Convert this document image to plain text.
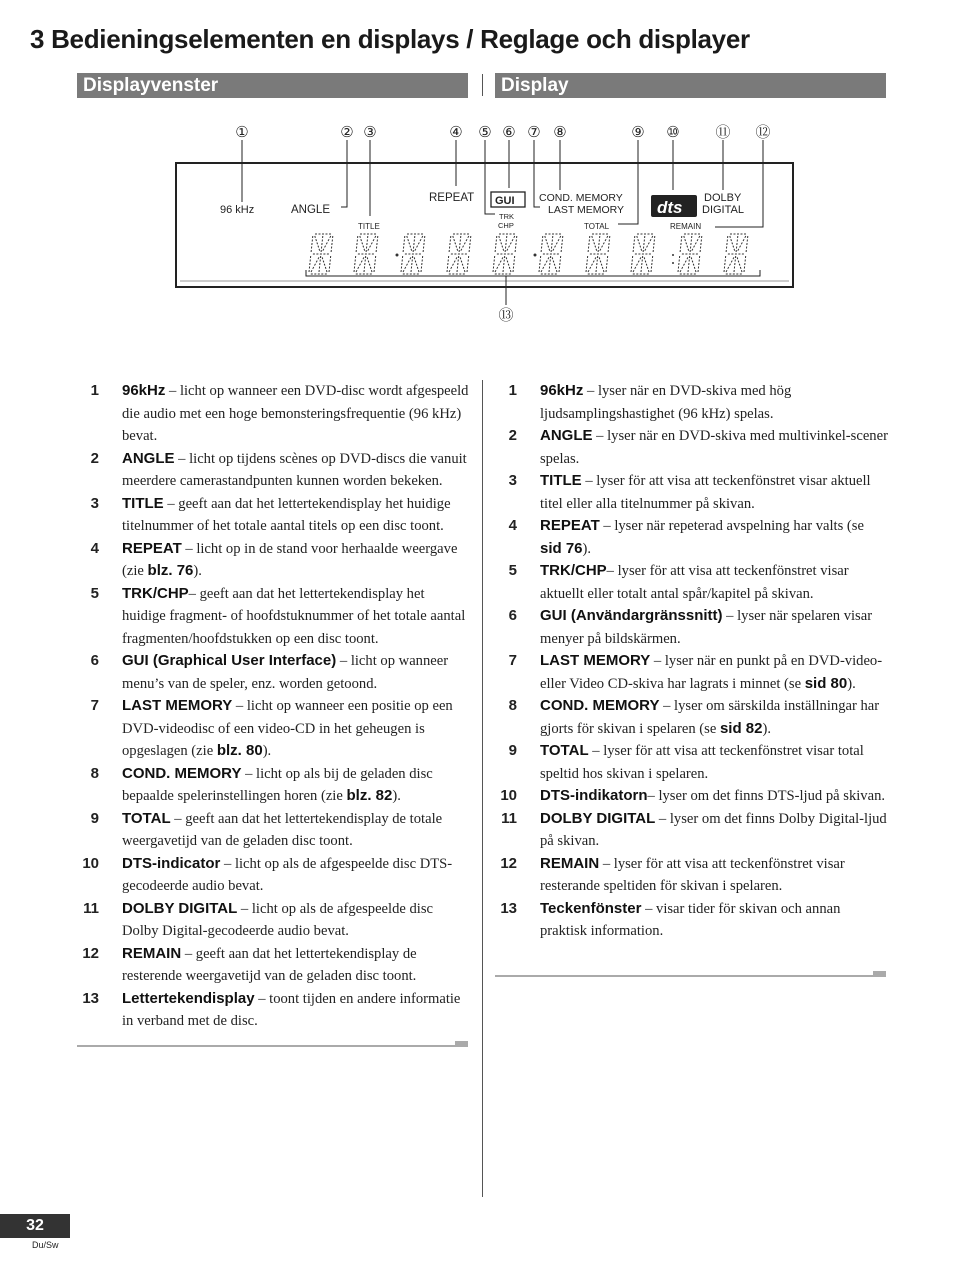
3 Bedieningselementen en displays / Reglage och displayer
Displayvenster	Display
①	② ③	④ ⑤ ⑥ ⑦ ⑧	⑨ ⑩ ⑪ ⑫
⑬
96 kHz	ANGLE
TITLE
REPEAT GUI
TRK
CHP
COND. MEMORY
LAST MEMORY
TOTAL
dts DOLBY
DIGITAL
REMAIN
1 96kHz – licht op wanneer een DVD-disc wordt afgespeeld die audio met een hoge bemonsteringsfrequentie (96 kHz) bevat.
2 ANGLE – licht op tijdens scènes op DVD-discs die vanuit meerdere camerastandpunten kunnen worden bekeken.
3 TITLE – geeft aan dat het lettertekendisplay het huidige titelnummer of het totale aantal titels op een disc toont.
4 REPEAT – licht op in de stand voor herhaalde weergave (zie blz. 76).
5 TRK/CHP– geeft aan dat het lettertekendisplay het huidige fragment- of hoofdstuknummer of het totale aantal fragmenten/hoofdstukken op een disc toont.
6 GUI (Graphical User Interface) – licht op wanneer menu’s van de speler, enz. worden getoond.
7 LAST MEMORY – licht op wanneer een positie op een DVD-videodisc of een video-CD in het geheugen is opgeslagen (zie blz. 80).
8 COND. MEMORY – licht op als bij de geladen disc bepaalde spelerinstellingen horen (zie blz. 82).
9 TOTAL – geeft aan dat het lettertekendisplay de totale weergavetijd van de geladen disc toont.
10 DTS-indicator – licht op als de afgespeelde disc DTS-gecodeerde audio bevat.
11 DOLBY DIGITAL – licht op als de afgespeelde disc Dolby Digital-gecodeerde audio bevat.
12 REMAIN – geeft aan dat het lettertekendisplay de resterende weergavetijd van de geladen disc toont.
13 Lettertekendisplay – toont tijden en andere informatie in verband met de disc.
1 96kHz – lyser när en DVD-skiva med hög ljudsamplingshastighet (96 kHz) spelas.
2 ANGLE – lyser när en DVD-skiva med multivinkel-scener spelas.
3 TITLE – lyser för att visa att teckenfönstret visar aktuell titel eller alla titelnummer på skivan.
4 REPEAT – lyser när repeterad avspelning har valts (se sid 76).
5 TRK/CHP– lyser för att visa att teckenfönstret visar aktuellt eller totalt antal spår/kapitel på skivan.
6 GUI (Användargränssnitt) – lyser när spelaren visar menyer på bildskärmen.
7 LAST MEMORY – lyser när en punkt på en DVD-video- eller Video CD-skiva har lagrats i minnet (se sid 80).
8 COND. MEMORY – lyser om särskilda inställningar har gjorts för skivan i spelaren (se sid 82).
9 TOTAL – lyser för att visa att teckenfönstret visar total speltid hos skivan i spelaren.
10 DTS-indikatorn– lyser om det finns DTS-ljud på skivan.
11 DOLBY DIGITAL – lyser om det finns Dolby Digital-ljud på skivan.
12 REMAIN – lyser för att visa att teckenfönstret visar resterande speltiden för skivan i spelaren.
13 Teckenfönster – visar tider för skivan och annan praktisk information.
32
Du/Sw
